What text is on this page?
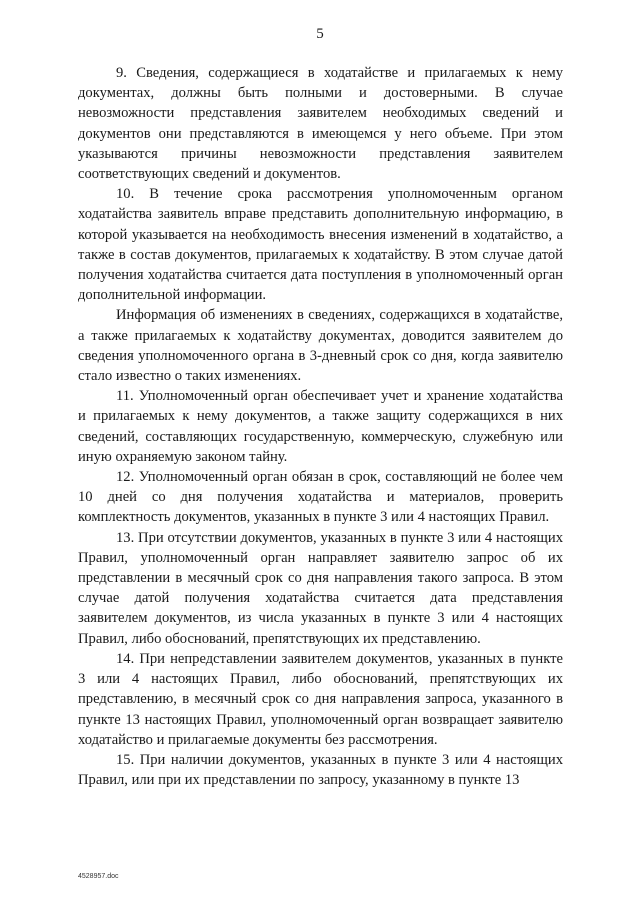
5

9. Сведения, содержащиеся в ходатайстве и прилагаемых к нему документах, должны быть полными и достоверными. В случае невозможности представления заявителем необходимых сведений и документов они представляются в имеющемся у него объеме. При этом указываются причины невозможности представления заявителем соответствующих сведений и документов.

10. В течение срока рассмотрения уполномоченным органом ходатайства заявитель вправе представить дополнительную информацию, в которой указывается на необходимость внесения изменений в ходатайство, а также в состав документов, прилагаемых к ходатайству. В этом случае датой получения ходатайства считается дата поступления в уполномоченный орган дополнительной информации.

Информация об изменениях в сведениях, содержащихся в ходатайстве, а также прилагаемых к ходатайству документах, доводится заявителем до сведения уполномоченного органа в 3-дневный срок со дня, когда заявителю стало известно о таких изменениях.

11. Уполномоченный орган обеспечивает учет и хранение ходатайства и прилагаемых к нему документов, а также защиту содержащихся в них сведений, составляющих государственную, коммерческую, служебную или иную охраняемую законом тайну.

12. Уполномоченный орган обязан в срок, составляющий не более чем 10 дней со дня получения ходатайства и материалов, проверить комплектность документов, указанных в пункте 3 или 4 настоящих Правил.

13. При отсутствии документов, указанных в пункте 3 или 4 настоящих Правил, уполномоченный орган направляет заявителю запрос об их представлении в месячный срок со дня направления такого запроса. В этом случае датой получения ходатайства считается дата представления заявителем документов, из числа указанных в пункте 3 или 4 настоящих Правил, либо обоснований, препятствующих их представлению.

14. При непредставлении заявителем документов, указанных в пункте 3 или 4 настоящих Правил, либо обоснований, препятствующих их представлению, в месячный срок со дня направления запроса, указанного в пункте 13 настоящих Правил, уполномоченный орган возвращает заявителю ходатайство и прилагаемые документы без рассмотрения.

15. При наличии документов, указанных в пункте 3 или 4 настоящих Правил, или при их представлении по запросу, указанному в пункте 13

4528957.doc
